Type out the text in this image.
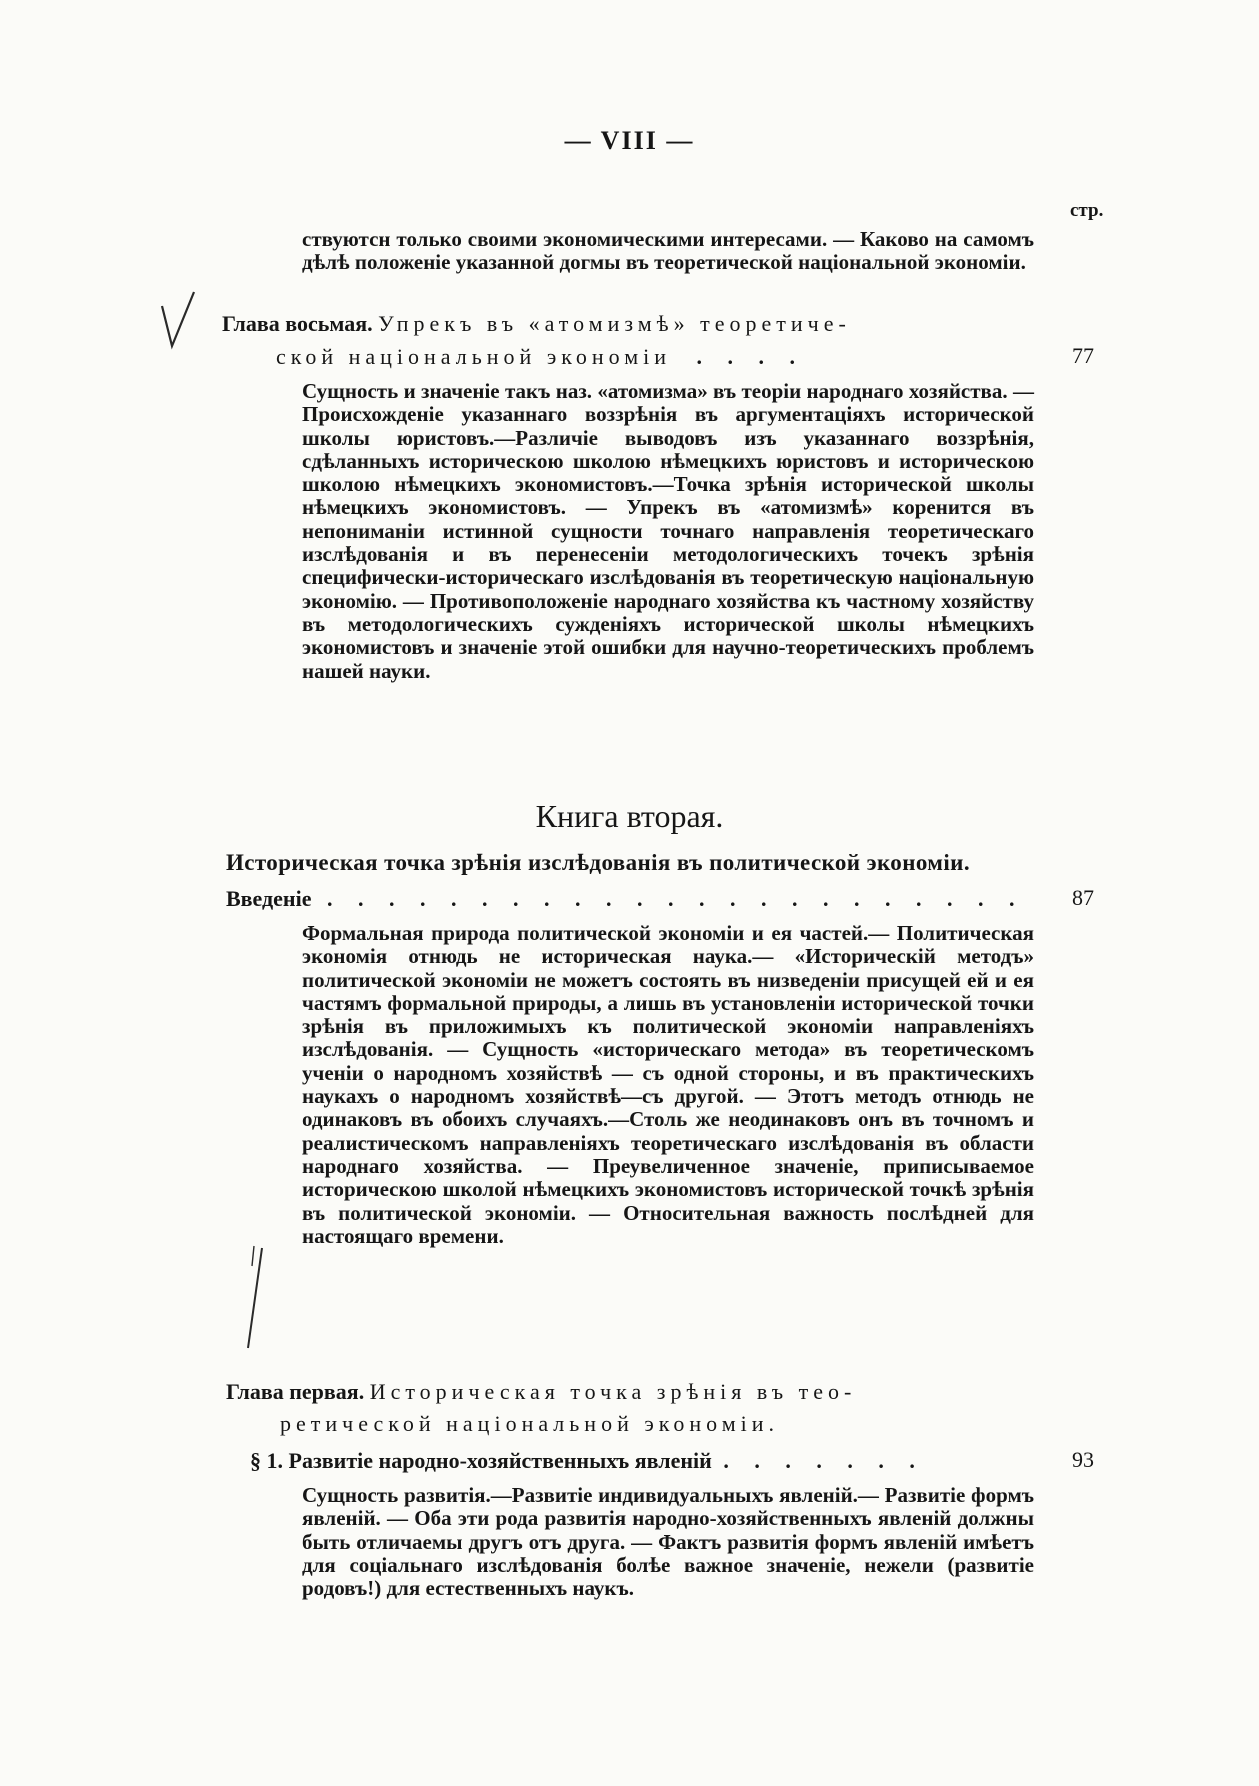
— VIII —
стр.
ствуютсн только своими экономическими интересами. — Каково на самомъ дѣлѣ положеніе указанной догмы въ теоретической національной экономіи.
Глава восьмая. Упрекъ въ «атомизмѣ» теоретиче-
ской національной экономіи . . . .	77
Сущность и значеніе такъ наз. «атомизма» въ теоріи народнаго хозяйства. — Происхожденіе указаннаго воззрѣнія въ аргументаціяхъ исторической школы юристовъ.—Различіе выводовъ изъ указаннаго воззрѣнія, сдѣланныхъ историческою школою нѣмецкихъ юристовъ и историческою школою нѣмецкихъ экономистовъ.—Точка зрѣнія исторической школы нѣмецкихъ экономистовъ. — Упрекъ въ «атомизмѣ» коренится въ непониманіи истинной сущности точнаго направленія теоретическаго изслѣдованія и въ перенесеніи методологическихъ точекъ зрѣнія специфически-историческаго изслѣдованія въ теоретическую національную экономію. — Противоположеніе народнаго хозяйства къ частному хозяйству въ методологическихъ сужденіяхъ исторической школы нѣмецкихъ экономистовъ и значеніе этой ошибки для научно-теоретическихъ проблемъ нашей науки.
Книга вторая.
Историческая точка зрѣнія изслѣдованія въ политической экономіи.
Введеніе . . . . . . . . . . . . . . . . . . . . . . .	87
Формальная природа политической экономіи и ея частей.— Политическая экономія отнюдь не историческая наука.— «Историческій методъ» политической экономіи не можетъ состоять въ низведеніи присущей ей и ея частямъ формальной природы, а лишь въ установленіи исторической точки зрѣнія въ приложимыхъ къ политической экономіи направленіяхъ изслѣдованія. — Сущность «историческаго метода» въ теоретическомъ ученіи о народномъ хозяйствѣ — съ одной стороны, и въ практическихъ наукахъ о народномъ хозяйствѣ—съ другой. — Этотъ методъ отнюдь не одинаковъ въ обоихъ случаяхъ.—Столь же неодинаковъ онъ въ точномъ и реалистическомъ направленіяхъ теоретическаго изслѣдованія въ области народнаго хозяйства. — Преувеличенное значеніе, приписываемое историческою школой нѣмецкихъ экономистовъ исторической точкѣ зрѣнія въ политической экономіи. — Относительная важность послѣдней для настоящаго времени.
Глава первая. Историческая точка зрѣнія въ тео-
ретической національной экономіи.
§ 1. Развитіе народно-хозяйственныхъ явленій . . . . . . .	93
Сущность развитія.—Развитіе индивидуальныхъ явленій.— Развитіе формъ явленій. — Оба эти рода развитія народно-хозяйственныхъ явленій должны быть отличаемы другъ отъ друга. — Фактъ развитія формъ явленій имѣетъ для соціальнаго изслѣдованія болѣе важное значеніе, нежели (развитіе родовъ!) для естественныхъ наукъ.
